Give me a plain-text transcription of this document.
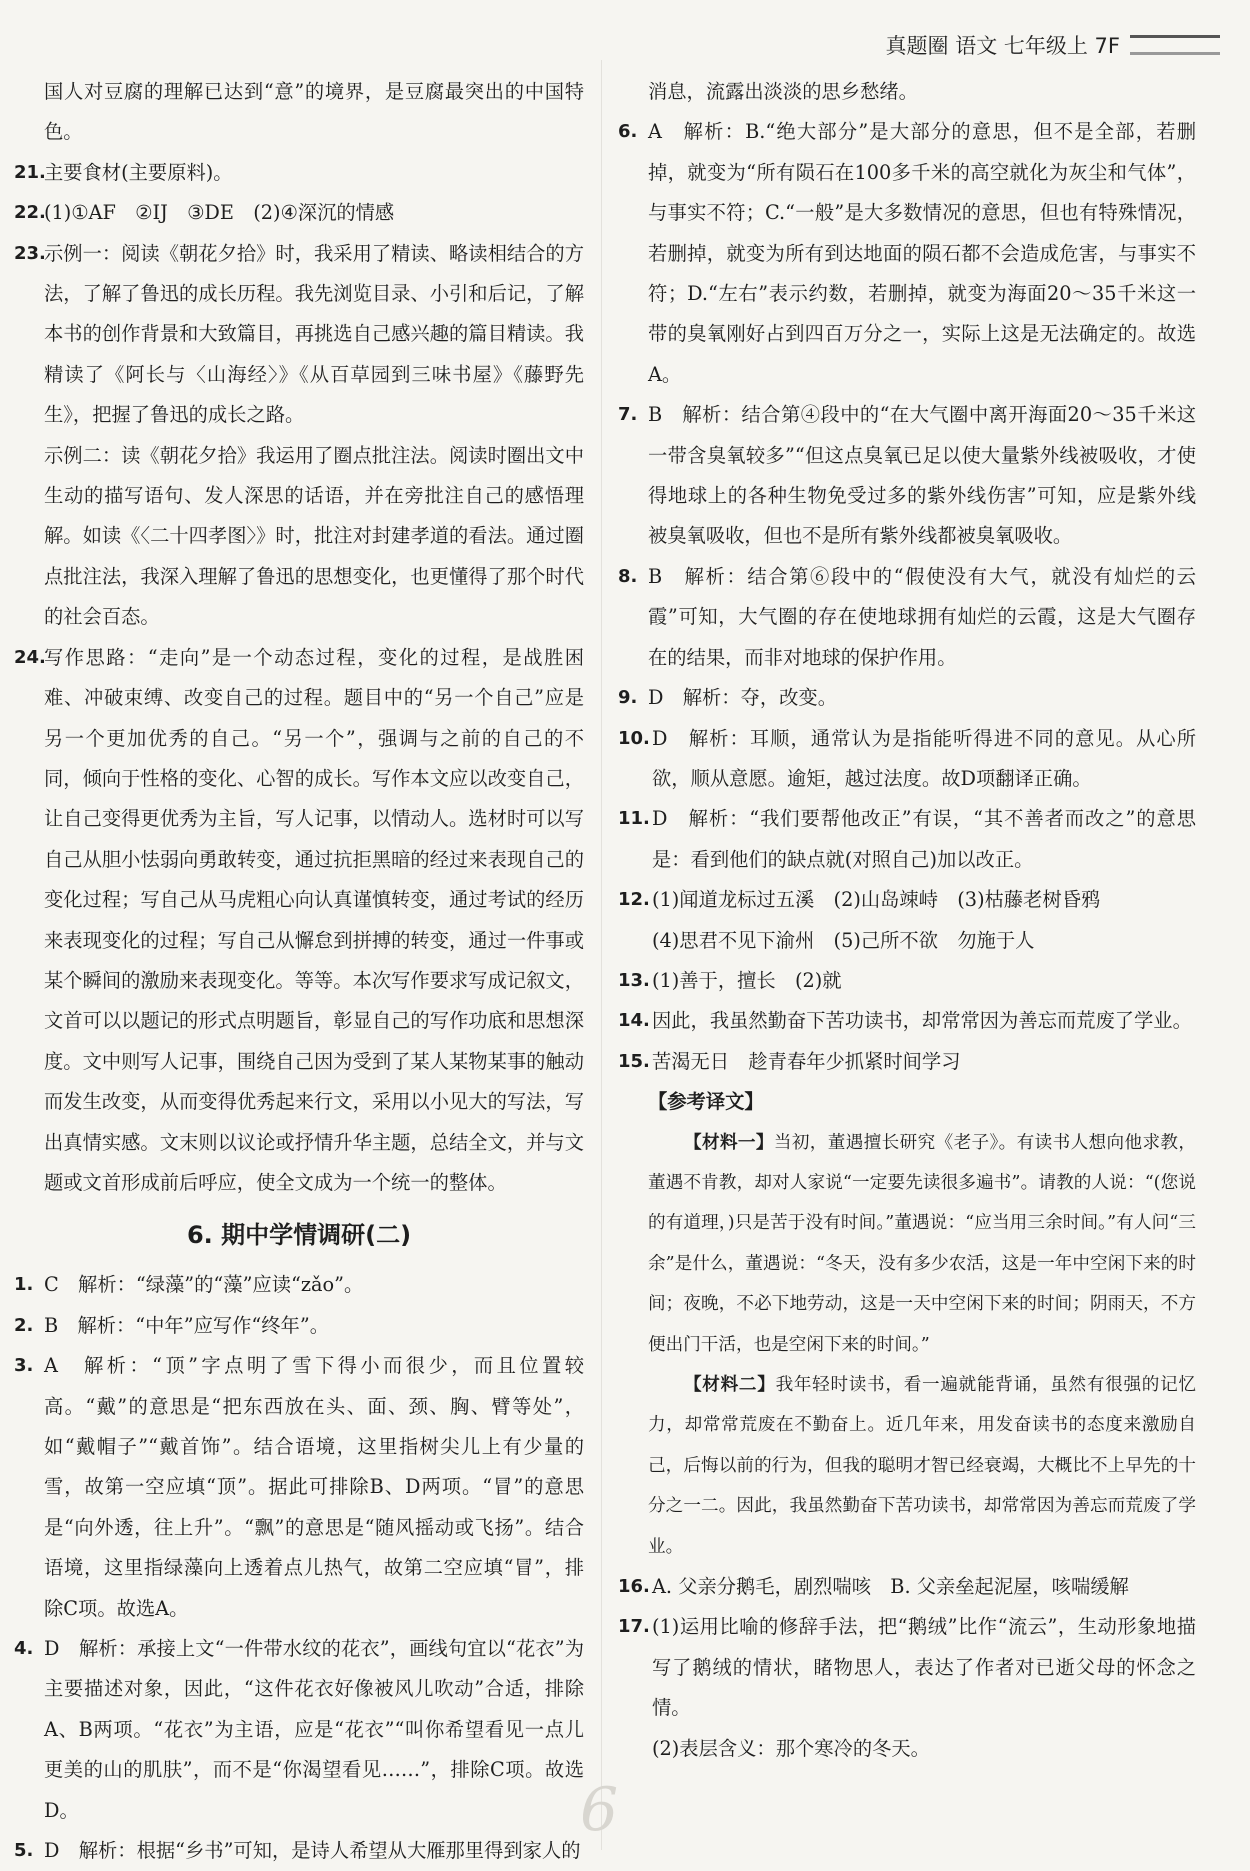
真题圈 语文 七年级上 7F

国人对豆腐的理解已达到“意”的境界，是豆腐最突出的中国特色。

21.
主要食材(主要原料)。
22.
(1)①AF　②IJ　③DE　(2)④深沉的情感
23.
示例一：阅读《朝花夕拾》时，我采用了精读、略读相结合的方法，了解了鲁迅的成长历程。我先浏览目录、小引和后记，了解本书的创作背景和大致篇目，再挑选自己感兴趣的篇目精读。我精读了《阿长与〈山海经〉》《从百草园到三味书屋》《藤野先生》，把握了鲁迅的成长之路。

示例二：读《朝花夕拾》我运用了圈点批注法。阅读时圈出文中生动的描写语句、发人深思的话语，并在旁批注自己的感悟理解。如读《〈二十四孝图〉》时，批注对封建孝道的看法。通过圈点批注法，我深入理解了鲁迅的思想变化，也更懂得了那个时代的社会百态。

24.
写作思路：“走向”是一个动态过程，变化的过程，是战胜困难、冲破束缚、改变自己的过程。题目中的“另一个自己”应是另一个更加优秀的自己。“另一个”，强调与之前的自己的不同，倾向于性格的变化、心智的成长。写作本文应以改变自己，让自己变得更优秀为主旨，写人记事，以情动人。选材时可以写自己从胆小怯弱向勇敢转变，通过抗拒黑暗的经过来表现自己的变化过程；写自己从马虎粗心向认真谨慎转变，通过考试的经历来表现变化的过程；写自己从懈怠到拼搏的转变，通过一件事或某个瞬间的激励来表现变化。等等。本次写作要求写成记叙文，文首可以以题记的形式点明题旨，彰显自己的写作功底和思想深度。文中则写人记事，围绕自己因为受到了某人某物某事的触动而发生改变，从而变得优秀起来行文，采用以小见大的写法，写出真情实感。文末则以议论或抒情升华主题，总结全文，并与文题或文首形成前后呼应，使全文成为一个统一的整体。
6. 期中学情调研(二)
1. C　解析：“绿藻”的“藻”应读“zǎo”。
2. B　解析：“中年”应写作“终年”。
3. A　解析：“顶”字点明了雪下得小而很少，而且位置较高。“戴”的意思是“把东西放在头、面、颈、胸、臂等处”，如“戴帽子”“戴首饰”。结合语境，这里指树尖儿上有少量的雪，故第一空应填“顶”。据此可排除B、D两项。“冒”的意思是“向外透，往上升”。“飘”的意思是“随风摇动或飞扬”。结合语境，这里指绿藻向上透着点儿热气，故第二空应填“冒”，排除C项。故选A。
4. D　解析：承接上文“一件带水纹的花衣”，画线句宜以“花衣”为主要描述对象，因此，“这件花衣好像被风儿吹动”合适，排除A、B两项。“花衣”为主语，应是“花衣”“叫你希望看见一点儿更美的山的肌肤”，而不是“你渴望看见……”，排除C项。故选D。
5. D　解析：根据“乡书”可知，是诗人希望从大雁那里得到家人的

消息，流露出淡淡的思乡愁绪。

6. A　解析：B.“绝大部分”是大部分的意思，但不是全部，若删掉，就变为“所有陨石在100多千米的高空就化为灰尘和气体”，与事实不符；C.“一般”是大多数情况的意思，但也有特殊情况，若删掉，就变为所有到达地面的陨石都不会造成危害，与事实不符；D.“左右”表示约数，若删掉，就变为海面20～35千米这一带的臭氧刚好占到四百万分之一，实际上这是无法确定的。故选A。
7. B　解析：结合第④段中的“在大气圈中离开海面20～35千米这一带含臭氧较多”“但这点臭氧已足以使大量紫外线被吸收，才使得地球上的各种生物免受过多的紫外线伤害”可知，应是紫外线被臭氧吸收，但也不是所有紫外线都被臭氧吸收。
8. B　解析：结合第⑥段中的“假使没有大气，就没有灿烂的云霞”可知，大气圈的存在使地球拥有灿烂的云霞，这是大气圈存在的结果，而非对地球的保护作用。
9. D　解析：夺，改变。
10. D　解析：耳顺，通常认为是指能听得进不同的意见。从心所欲，顺从意愿。逾矩，越过法度。故D项翻译正确。
11. D　解析：“我们要帮他改正”有误，“其不善者而改之”的意思是：看到他们的缺点就(对照自己)加以改正。
12. (1)闻道龙标过五溪　(2)山岛竦峙　(3)枯藤老树昏鸦
(4)思君不见下渝州　(5)己所不欲　勿施于人
13. (1)善于，擅长　(2)就
14. 因此，我虽然勤奋下苦功读书，却常常因为善忘而荒废了学业。
15. 苦渴无日　趁青春年少抓紧时间学习
【参考译文】

【材料一】当初，董遇擅长研究《老子》。有读书人想向他求教，董遇不肯教，却对人家说“一定要先读很多遍书”。请教的人说：“(您说的有道理，)只是苦于没有时间。”董遇说：“应当用三余时间。”有人问“三余”是什么，董遇说：“冬天，没有多少农活，这是一年中空闲下来的时间；夜晚，不必下地劳动，这是一天中空闲下来的时间；阴雨天，不方便出门干活，也是空闲下来的时间。”

【材料二】我年轻时读书，看一遍就能背诵，虽然有很强的记忆力，却常常荒废在不勤奋上。近几年来，用发奋读书的态度来激励自己，后悔以前的行为，但我的聪明才智已经衰竭，大概比不上早先的十分之一二。因此，我虽然勤奋下苦功读书，却常常因为善忘而荒废了学业。

16. A. 父亲分鹅毛，剧烈喘咳　B. 父亲垒起泥屋，咳喘缓解
17. (1)运用比喻的修辞手法，把“鹅绒”比作“流云”，生动形象地描写了鹅绒的情状，睹物思人，表达了作者对已逝父母的怀念之情。

(2)表层含义：那个寒冷的冬天。

6
